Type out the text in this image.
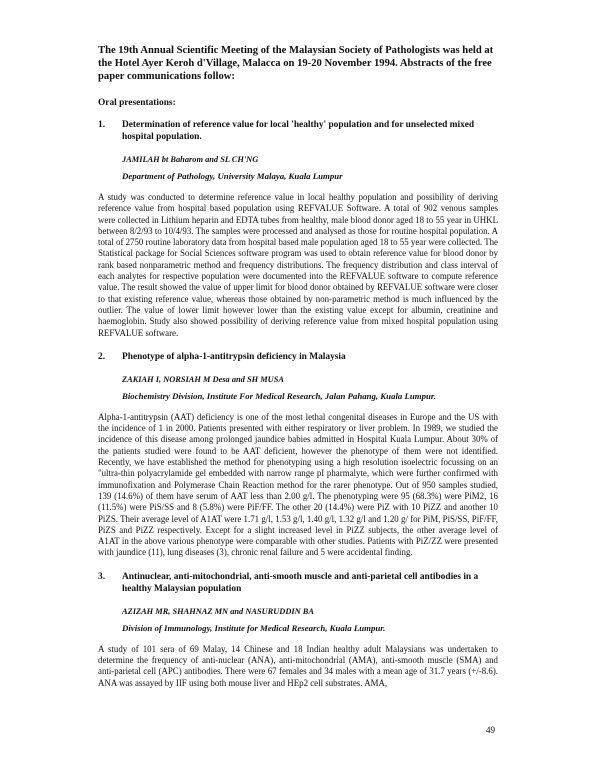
The 19th Annual Scientific Meeting of the Malaysian Society of Pathologists was held at the Hotel Ayer Keroh d'Village, Malacca on 19-20 November 1994. Abstracts of the free paper communications follow:

Oral presentations:

1.	Determination of reference value for local 'healthy' population and for unselected mixed hospital population.
JAMILAH bt Baharom and SL CH'NG
Department of Pathology, University Malaya, Kuala Lumpur

A study was conducted to determine reference value in local healthy population and possibility of deriving reference value from hospital based population using REFVALUE Software. A total of 902 venous samples were collected in Lithium heparin and EDTA tubes from healthy, male blood donor aged 18 to 55 year in UHKL between 8/2/93 to 10/4/93. The samples were processed and analysed as those for routine hospital population. A total of 2750 routine laboratory data from hospital based male population aged 18 to 55 year were collected. The Statistical package for Social Sciences software program was used to obtain reference value for blood donor by rank based nonparametric method and frequency distributions. The frequency distribution and class interval of each analytes for respective population were documented into the REFVALUE software to compute reference value. The result showed the value of upper limit for blood donor obtained by REFVALUE software were closer to that existing reference value, whereas those obtained by non-parametric method is much influenced by the outlier. The value of lower limit however lower than the existing value except for albumin, creatinine and haemoglobin. Study also showed possibility of deriving reference value from mixed hospital population using REFVALUE software.

2.	Phenotype of alpha-1-antitrypsin deficiency in Malaysia
ZAKIAH I, NORSIAH M Desa and SH MUSA
Biochemistry Division, Institute For Medical Research, Jalan Pahang, Kuala Lumpur.

Alpha-1-antitrypsin (AAT) deficiency is one of the most lethal congenital diseases in Europe and the US with the incidence of 1 in 2000. Patients presented with either respiratory or liver problem. In 1989, we studied the incidence of this disease among prolonged jaundice babies admitted in Hospital Kuala Lumpur. About 30% of the patients studied were found to be AAT deficient, however the phenotype of them were not identified. Recently, we have established the method for phenotyping using a high resolution isoelectric focussing on an "ultra-thin polyacrylamide gel embedded with narrow range pI pharmalyte, which were further confirmed with immunofixation and Polymerase Chain Reaction method for the rarer phenotype. Out of 950 samples studied, 139 (14.6%) of them have serum of AAT less than 2.00 g/l. The phenotyping were 95 (68.3%) were PiM2, 16 (11.5%) were PiS/SS and 8 (5.8%) were PiF/FF. The other 20 (14.4%) were PiZ with 10 PiZZ and another 10 PiZS. Their average level of A1AT were 1.71 g/l, 1.53 g/l, 1.40 g/l, 1.32 g/l and 1.20 g/ for PiM, PiS/SS, PiF/FF, PiZS and PiZZ respectively. Except for a slight increased level in PiZZ subjects, the other average level of A1AT in the above various phenotype were comparable with other studies. Patients with PiZ/ZZ were presented with jaundice (11), lung diseases (3), chronic renal failure and 5 were accidental finding.

3.	Antinuclear, anti-mitochondrial, anti-smooth muscle and anti-parietal cell antibodies in a healthy Malaysian population
AZIZAH MR, SHAHNAZ MN and NASURUDDIN BA
Division of Immunology, Institute for Medical Research, Kuala Lumpur.

A study of 101 sera of 69 Malay, 14 Chinese and 18 Indian healthy adult Malaysians was undertaken to determine the frequency of anti-nuclear (ANA), anti-mitochondrial (AMA), anti-smooth muscle (SMA) and anti-parietal cell (APC) antibodies. There were 67 females and 34 males with a mean age of 31.7 years (+/-8.6). ANA was assayed by IIF using both mouse liver and HEp2 cell substrates. AMA,

49
